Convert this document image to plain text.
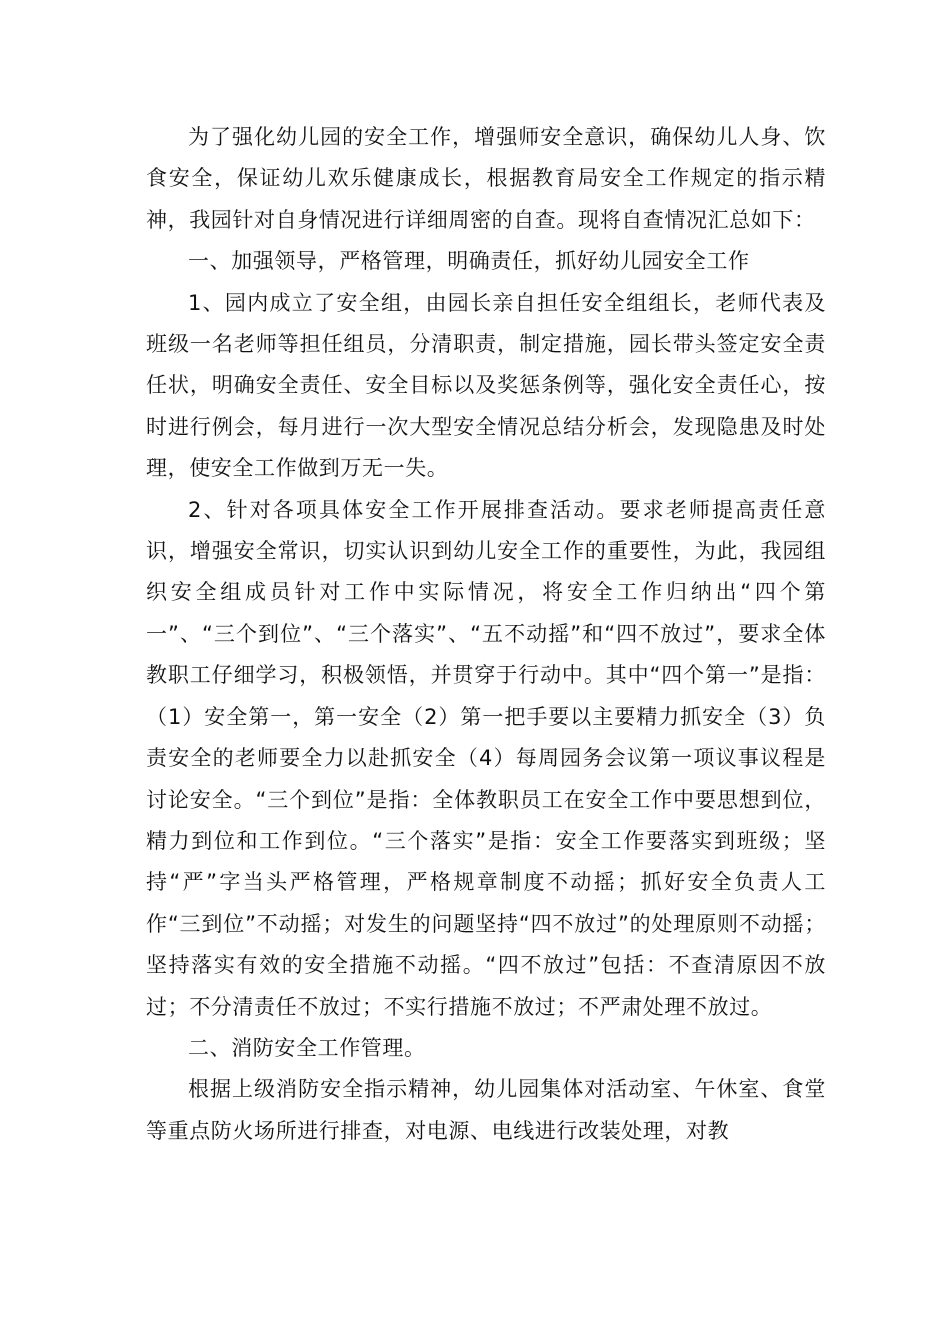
为了强化幼儿园的安全工作，增强师安全意识，确保幼儿人身、饮食安全，保证幼儿欢乐健康成长，根据教育局安全工作规定的指示精神，我园针对自身情况进行详细周密的自查。现将自查情况汇总如下：

一、加强领导，严格管理，明确责任，抓好幼儿园安全工作

1、园内成立了安全组，由园长亲自担任安全组组长，老师代表及班级一名老师等担任组员，分清职责，制定措施，园长带头签定安全责任状，明确安全责任、安全目标以及奖惩条例等，强化安全责任心，按时进行例会，每月进行一次大型安全情况总结分析会，发现隐患及时处理，使安全工作做到万无一失。

2、针对各项具体安全工作开展排查活动。要求老师提高责任意识，增强安全常识，切实认识到幼儿安全工作的重要性，为此，我园组织安全组成员针对工作中实际情况，将安全工作归纳出“四个第一”、“三个到位”、“三个落实”、“五不动摇”和“四不放过”，要求全体教职工仔细学习，积极领悟，并贯穿于行动中。其中“四个第一”是指：（1）安全第一，第一安全（2）第一把手要以主要精力抓安全（3）负责安全的老师要全力以赴抓安全（4）每周园务会议第一项议事议程是讨论安全。“三个到位”是指：全体教职员工在安全工作中要思想到位，精力到位和工作到位。“三个落实”是指：安全工作要落实到班级；坚持“严”字当头严格管理，严格规章制度不动摇；抓好安全负责人工作“三到位”不动摇；对发生的问题坚持“四不放过”的处理原则不动摇；坚持落实有效的安全措施不动摇。“四不放过”包括：不查清原因不放过；不分清责任不放过；不实行措施不放过；不严肃处理不放过。

二、消防安全工作管理。

根据上级消防安全指示精神，幼儿园集体对活动室、午休室、食堂等重点防火场所进行排查，对电源、电线进行改装处理，对教
